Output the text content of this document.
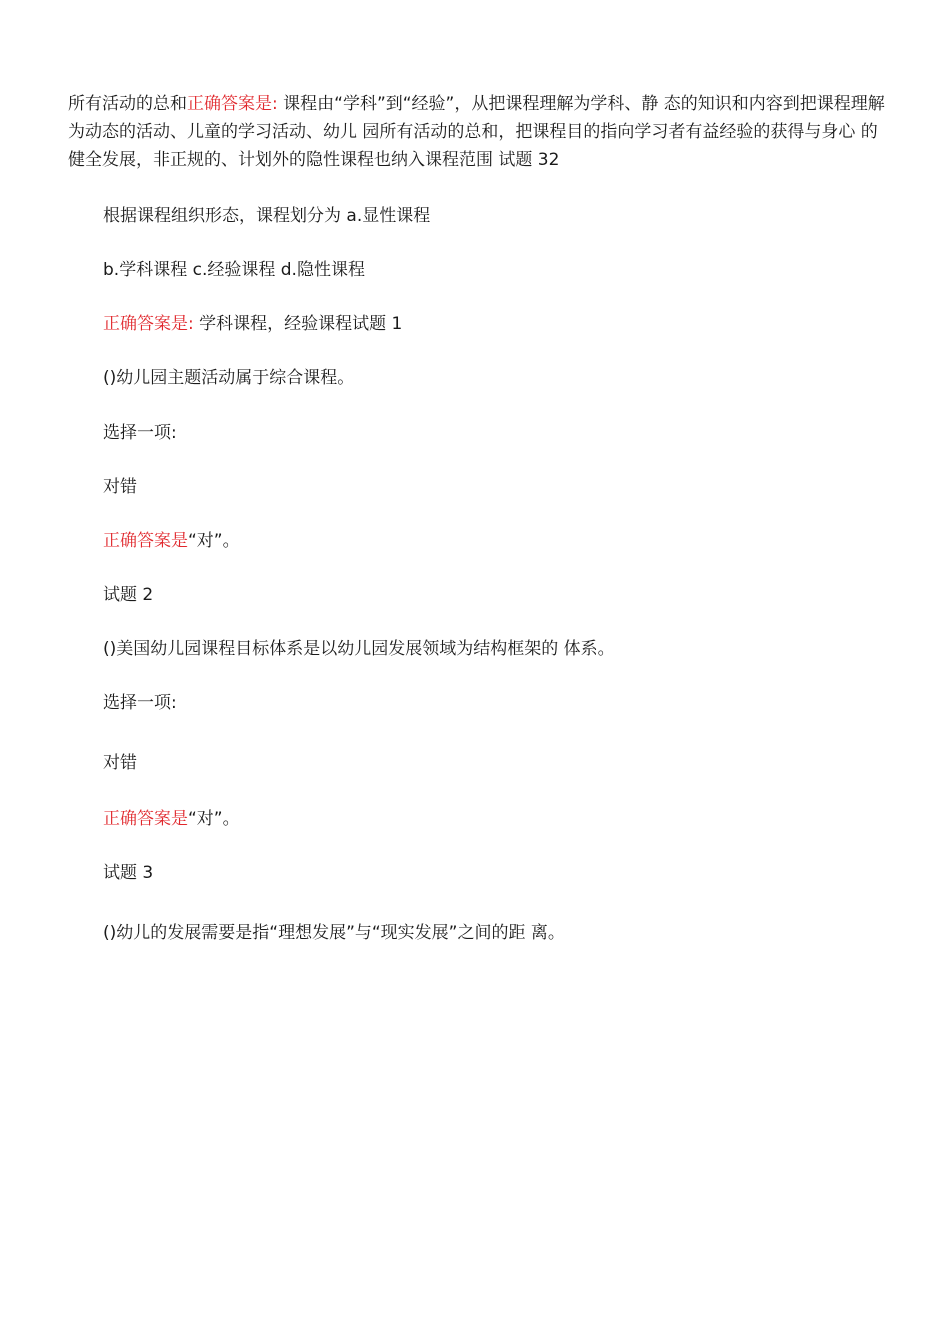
所有活动的总和正确答案是: 课程由“学科”到“经验”，从把课程理解为学科、静 态的知识和内容到把课程理解为动态的活动、儿童的学习活动、幼儿 园所有活动的总和，把课程目的指向学习者有益经验的获得与身心 的健全发展，非正规的、计划外的隐性课程也纳入课程范围 试题 32

根据课程组织形态，课程划分为 a.显性课程

b.学科课程 c.经验课程 d.隐性课程

正确答案是: 学科课程，经验课程试题 1

()幼儿园主题活动属于综合课程。

选择一项:

对错

正确答案是“对”。

试题 2

()美国幼儿园课程目标体系是以幼儿园发展领域为结构框架的 体系。

选择一项:

对错

正确答案是“对”。

试题 3

()幼儿的发展需要是指“理想发展”与“现实发展”之间的距 离。
